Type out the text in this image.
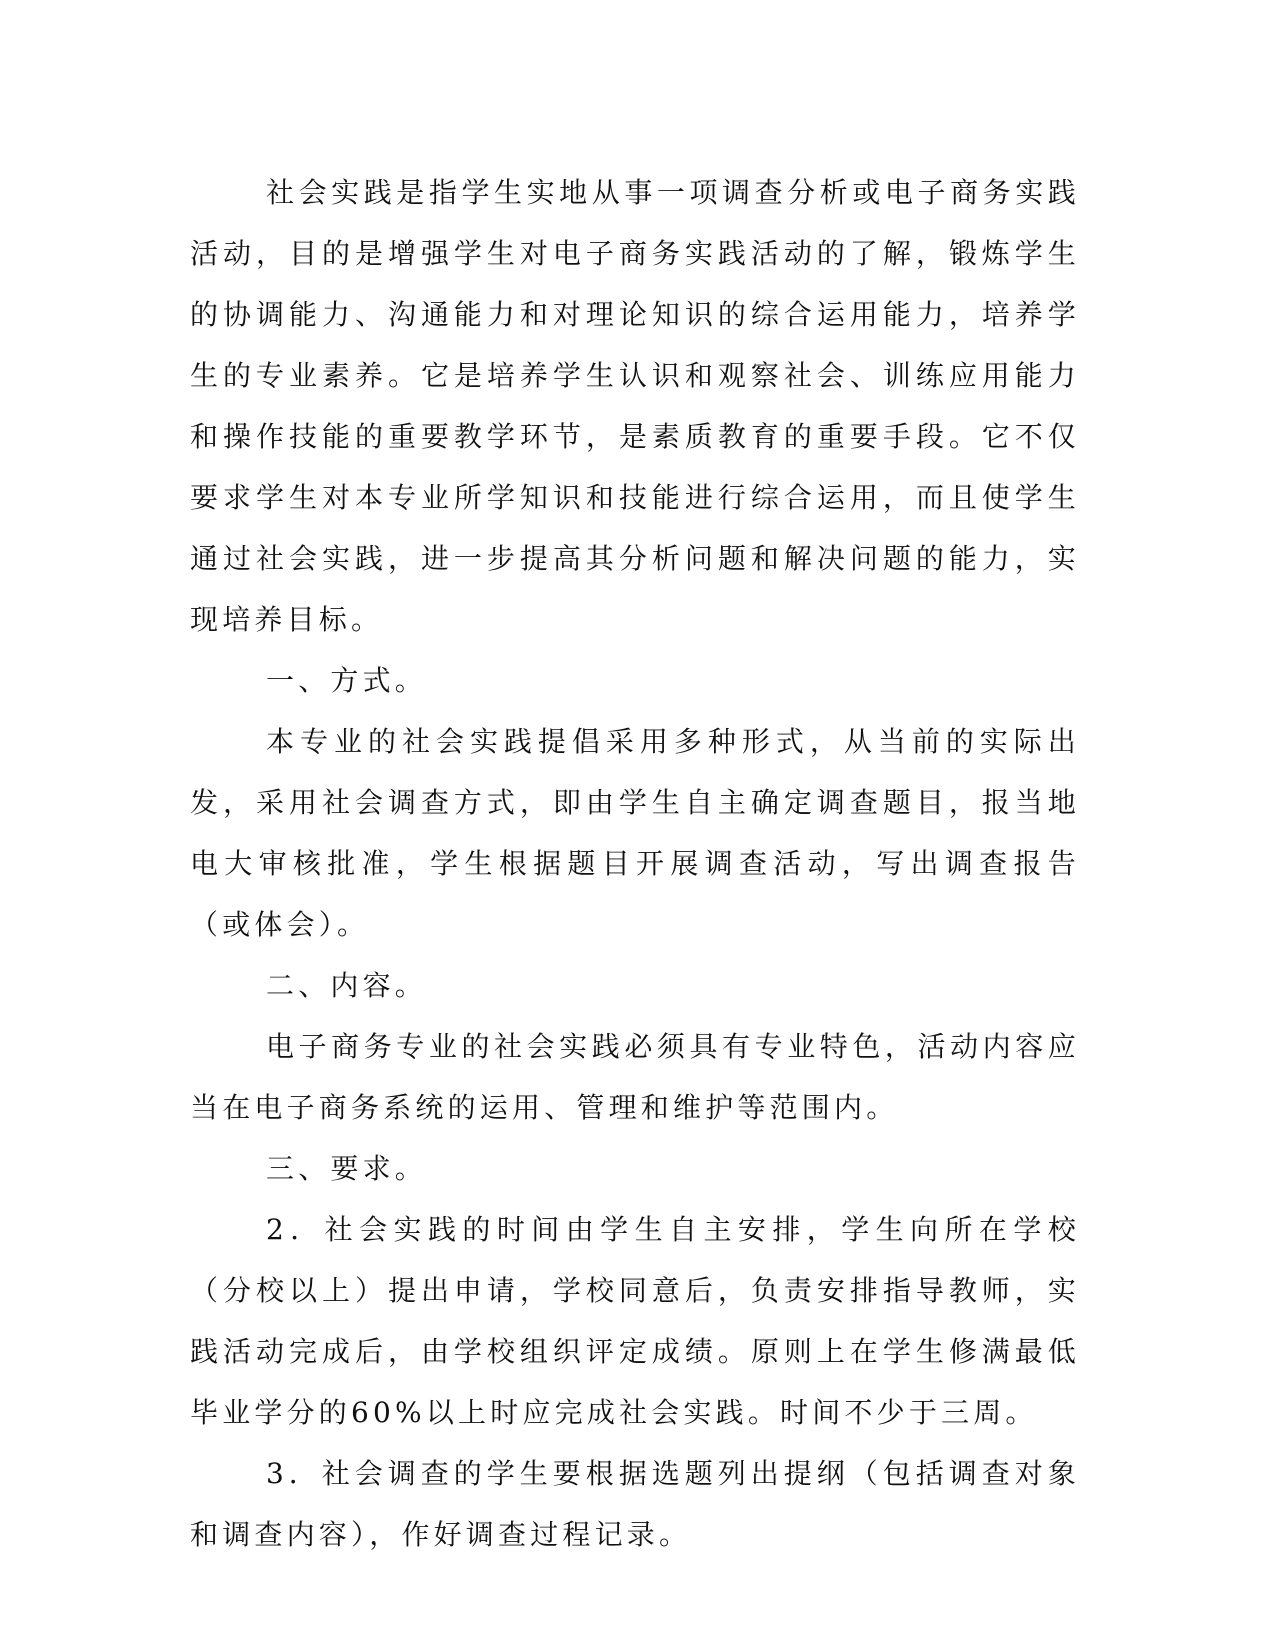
社会实践是指学生实地从事一项调查分析或电子商务实践活动，目的是增强学生对电子商务实践活动的了解，锻炼学生的协调能力、沟通能力和对理论知识的综合运用能力，培养学生的专业素养。它是培养学生认识和观察社会、训练应用能力和操作技能的重要教学环节，是素质教育的重要手段。它不仅要求学生对本专业所学知识和技能进行综合运用，而且使学生通过社会实践，进一步提高其分析问题和解决问题的能力，实现培养目标。

一、方式。

本专业的社会实践提倡采用多种形式，从当前的实际出发，采用社会调查方式，即由学生自主确定调查题目，报当地电大审核批准，学生根据题目开展调查活动，写出调查报告（或体会）。

二、内容。

电子商务专业的社会实践必须具有专业特色，活动内容应当在电子商务系统的运用、管理和维护等范围内。

三、要求。

2．社会实践的时间由学生自主安排，学生向所在学校（分校以上）提出申请，学校同意后，负责安排指导教师，实践活动完成后，由学校组织评定成绩。原则上在学生修满最低毕业学分的60%以上时应完成社会实践。时间不少于三周。

3．社会调查的学生要根据选题列出提纲（包括调查对象和调查内容），作好调查过程记录。
